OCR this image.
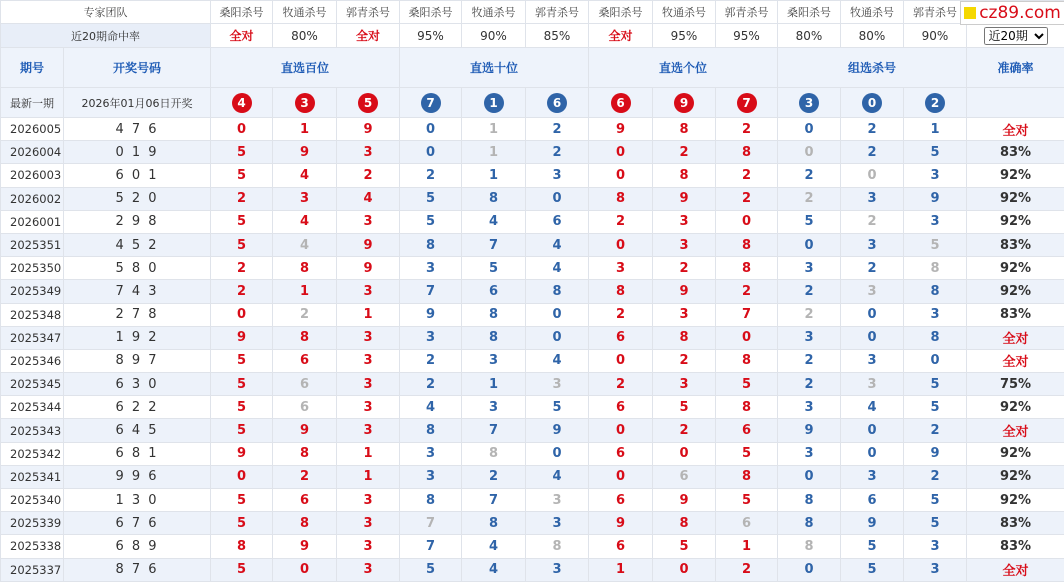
专家团队		桑阳杀号	牧通杀号	郭青杀号	桑阳杀号	牧通杀号	郭青杀号	桑阳杀号	牧通杀号	郭青杀号	桑阳杀号	牧通杀号	郭青杀号	
近20期命中率		全对	80%	全对	95%	90%	85%	全对	95%	95%	80%	80%	90%	
近20期
期号	开奖号码	直选百位			直选十位			直选个位			组选杀号			准确率
最新一期	2026年01月06日开奖	4	3	5	7	1	6	6	9	7	3	0	2	
2026005	4 7 6	0	1	9	0	1	2	9	8	2	0	2	1	全对
2026004	0 1 9	5	9	3	0	1	2	0	2	8	0	2	5	83%
2026003	6 0 1	5	4	2	2	1	3	0	8	2	2	0	3	92%
2026002	5 2 0	2	3	4	5	8	0	8	9	2	2	3	9	92%
2026001	2 9 8	5	4	3	5	4	6	2	3	0	5	2	3	92%
2025351	4 5 2	5	4	9	8	7	4	0	3	8	0	3	5	83%
2025350	5 8 0	2	8	9	3	5	4	3	2	8	3	2	8	92%
2025349	7 4 3	2	1	3	7	6	8	8	9	2	2	3	8	92%
2025348	2 7 8	0	2	1	9	8	0	2	3	7	2	0	3	83%
2025347	1 9 2	9	8	3	3	8	0	6	8	0	3	0	8	全对
2025346	8 9 7	5	6	3	2	3	4	0	2	8	2	3	0	全对
2025345	6 3 0	5	6	3	2	1	3	2	3	5	2	3	5	75%
2025344	6 2 2	5	6	3	4	3	5	6	5	8	3	4	5	92%
2025343	6 4 5	5	9	3	8	7	9	0	2	6	9	0	2	全对
2025342	6 8 1	9	8	1	3	8	0	6	0	5	3	0	9	92%
2025341	9 9 6	0	2	1	3	2	4	0	6	8	0	3	2	92%
2025340	1 3 0	5	6	3	8	7	3	6	9	5	8	6	5	92%
2025339	6 7 6	5	8	3	7	8	3	9	8	6	8	9	5	83%
2025338	6 8 9	8	9	3	7	4	8	6	5	1	8	5	3	83%
2025337	8 7 6	5	0	3	5	4	3	1	0	2	0	5	3	全对
cz89.com
